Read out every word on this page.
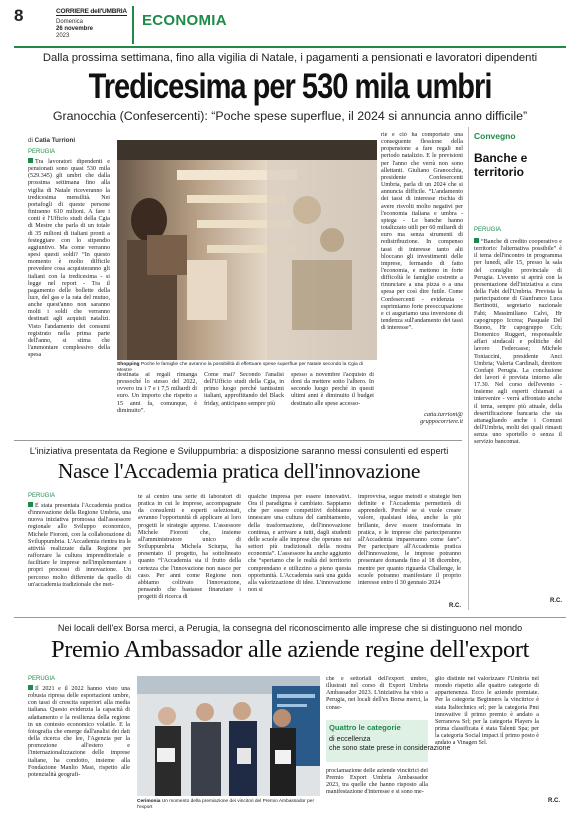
8	CORRIERE dell'UMBRIA
Domenica
26 novembre
2023
ECONOMIA
Dalla prossima settimana, fino alla vigilia di Natale, i pagamenti a pensionati e lavoratori dipendenti
Tredicesima per 530 mila umbri
Granocchia (Confesercenti): “Poche spese superflue, il 2024 si annuncia anno difficile”
di Catia Turrioni
PERUGIA

Tra lavoratori dipendenti e pensionati sono quasi 530 mila (529.345) gli umbri che dalla prossima settimana fino alla vigilia di Natale riceveranno la tredicesima mensilità. Nei portafogli di queste persone finiranno 610 milioni. A fare i conti è l'Ufficio studi della Cgia di Mestre che parla di un totale di 35 milioni di italiani pronti a festeggiare con lo stipendio aggiuntivo. Ma come verranno spesi questi soldi? “In questo momento è molto difficile prevedere cosa acquisteranno gli italiani con la tredicesima - si legge nel report - Tra il pagamento delle bollette della luce, del gas e la rata del mutuo, anche quest'anno non saranno molti i soldi che verranno destinati agli acquisti natalizi. Visto l'andamento dei consumi registrato nella prima parte dell'anno, si stima che l'ammontare complessivo della spesa

Shopping Poche le famiglie che avranno la possibilità di effettuare spese superflue per Natale secondo la Cgia di Mestre
destinata ai regali rimanga pressoché lo stesso del 2022, ovvero tra i 7 e i 7,5 miliardi di euro. Un importo che rispetto a 15 anni fa, comunque, è diminuito”.
Come mai? Secondo l'analisi dell'Ufficio studi della Cgia, in primo luogo perché tantissimi italiani, approfittando del Black friday, anticipano sempre più
spesso a novembre l'acquisto di doni da mettere sotto l'albero. In secondo luogo perché in questi ultimi anni è diminuito il budget destinato alle spese accesso-
rie e ciò ha comportato una conseguente flessione della propensione a fare regali nel periodo natalizio. E le previsioni per l'anno che verrà non sono allettanti. Giuliano Granocchia, presidente Confesercenti Umbria, parla di un 2024 che si annuncia difficile. “L'andamento dei tassi di interesse rischia di avere risvolti molto negativi per l'economia italiana e umbra - spiega - Le banche hanno totalizzato utili per 60 miliardi di euro ma senza strumenti di redistribuzione. In compenso tassi di interesse tanto alti bloccano gli investimenti delle imprese, fermando di fatto l'economia, e mettono in forte difficoltà le famiglie costrette a rinunciare a una pizza o a una spesa per così dire futile. Come Confesercenti - evidenzia - esprimiamo forte preoccupazione e ci auguriamo una inversione di tendenza sull'andamento dei tassi di interesse”.
catia.turrioni@
gruppocorriere.it
Convegno
Banche e territorio
PERUGIA

“Banche di credito cooperativo e territorio: l'alternativa possibile” è il tema dell'incontro in programma per lunedì, alle 15, presso la sala del consiglio provinciale di Perugia. L'evento si aprirà con la presentazione dell'iniziativa a cura della Fabi dell'Umbria. Prevista la partecipazione di Gianfranco Luca Bertinotti, segretario nazionale Fabi; Massimiliano Calvi, Hr capogruppo Iccrea; Pasquale Del Buono, Hr capogruppo Cch; Domenico Ruggeri, responsabile affari sindacali e politiche del lavoro Federcasse; Michele Toniaccini, presidente Anci Umbria; Valeria Cardinali, direttore Confapi Perugia. La conclusione dei lavori è prevista intorno alle 17.30. Nel corso dell'evento - insieme agli esperti chiamati a intervenire - verrà affrontato anche il tema, sempre più attuale, della desertificazione bancaria che sta attanagliando anche i Comuni dell'Umbria, molti dei quali rimasti senza uno sportello o senza il servizio bancomat.

R.C.
L'iniziativa presentata da Regione e Sviluppumbria: a disposizione saranno messi consulenti ed esperti
Nasce l'Accademia pratica dell'innovazione
PERUGIA

È stata presentata l'Accademia pratica d'innovazione della Regione Umbria, una nuova iniziativa promossa dall'assessore regionale allo Sviluppo economico, Michele Fioroni, con la collaborazione di Sviluppumbria. L'Accademia rientra tra le attività realizzate dalla Regione per rafforzare la cultura imprenditoriale e facilitare le imprese nell'implementare i propri processi di innovazione. Un percorso molto differente da quello di un'accademia tradizionale che met-

te al centro una serie di laboratori di pratica in cui le imprese, accompagnate da consulenti e esperti selezionati, avranno l'opportunità di applicare ai loro progetti le strategie apprese. L'assessore Michele Fioroni che, insieme all'amministratore unico di Sviluppumbria Michela Sciurpa, ha presentato il progetto, ha sottolineato quanto “l'Accademia sia il frutto della certezza che l'innovazione non nasce per caso. Per anni come Regione non abbiamo coltivato l'innovazione, pensando che bastasse finanziare i progetti di ricerca di
qualche impresa per essere innovativi. Ora il paradigma è cambiato. Sappiamo che per essere competitivi dobbiamo innescare una cultura del cambiamento, della trasformazione, dell'innovazione continua, e arrivare a tutti, dagli studenti delle scuole alle imprese che operano nei settori più tradizionali della nostra economia”. L'assessore ha anche aggiunto che “speriamo che le realtà del territorio comprendano e utilizzino a pieno questa opportunità. L'Accademia sarà una guida alla valorizzazione di idee. L'innovazione non si
improvvisa, segue metodi e strategie ben definite e l'Accademia permetterà di apprenderli. Perché se si vuole creare valore, qualsiasi idea, anche la più brillante, deve essere trasformata in pratica, e le imprese che parteciperanno all'Accademia impareranno come fare”. Per partecipare all'Accademia pratica dell'innovazione, le imprese potranno presentare domanda fino al 18 dicembre, mentre per quanto riguarda Challenge, le scuole potranno manifestare il proprio interesse entro il 30 gennaio 2024
R.C.
Nei locali dell'ex Borsa merci, a Perugia, la consegna del riconoscimento alle imprese che si distinguono nel mondo
Premio Ambassador alle aziende regine dell'export
PERUGIA

Il 2021 e il 2022 hanno visto una robusta ripresa delle esportazioni umbre, con tassi di crescita superiori alla media italiana. Questo evidenzia la capacità di adattamento e la resilienza della regione in un contesto economico volatile. E la fotografia che emerge dall'analisi dei dati della ricerca che lee, l'Agenzia per la promozione all'estero e l'internazionalizzazione delle imprese italiane, ha condotto, insieme alla Fondazione Manlio Masi, rispetto alle potenzialità geografi-

Cerimonia Un momento della premiazione dei vincitori del Premio Ambassador per l'export
che e settoriali dell'export umbro, illustrati nel corso di Export Umbria Ambassador 2023. L'iniziativa ha visto a Perugia, nei locali dell'ex Borsa merci, la conse-
Quattro le categorie
di eccellenza
che sono state prese in considerazione
proclamazione delle aziende vincitrici del Premio Export Umbria Ambassador 2023, tra quelle che hanno risposto alla manifestazione d'interesse e si sono me-
glio distinte nel valorizzare l'Umbria nel mondo rispetto alle quattro categorie di appartenenza. Ecco le aziende premiate. Per la categoria Beginners la vincitrice è stata Italtechnics srl; per la categoria Pmi innovative il primo premio è andato a Serranova Srl; per la categoria Players la prima classificata è stata Talenti Spa; per la categoria Social impact il primo posto è andato a Vinagen Srl.
R.C.
